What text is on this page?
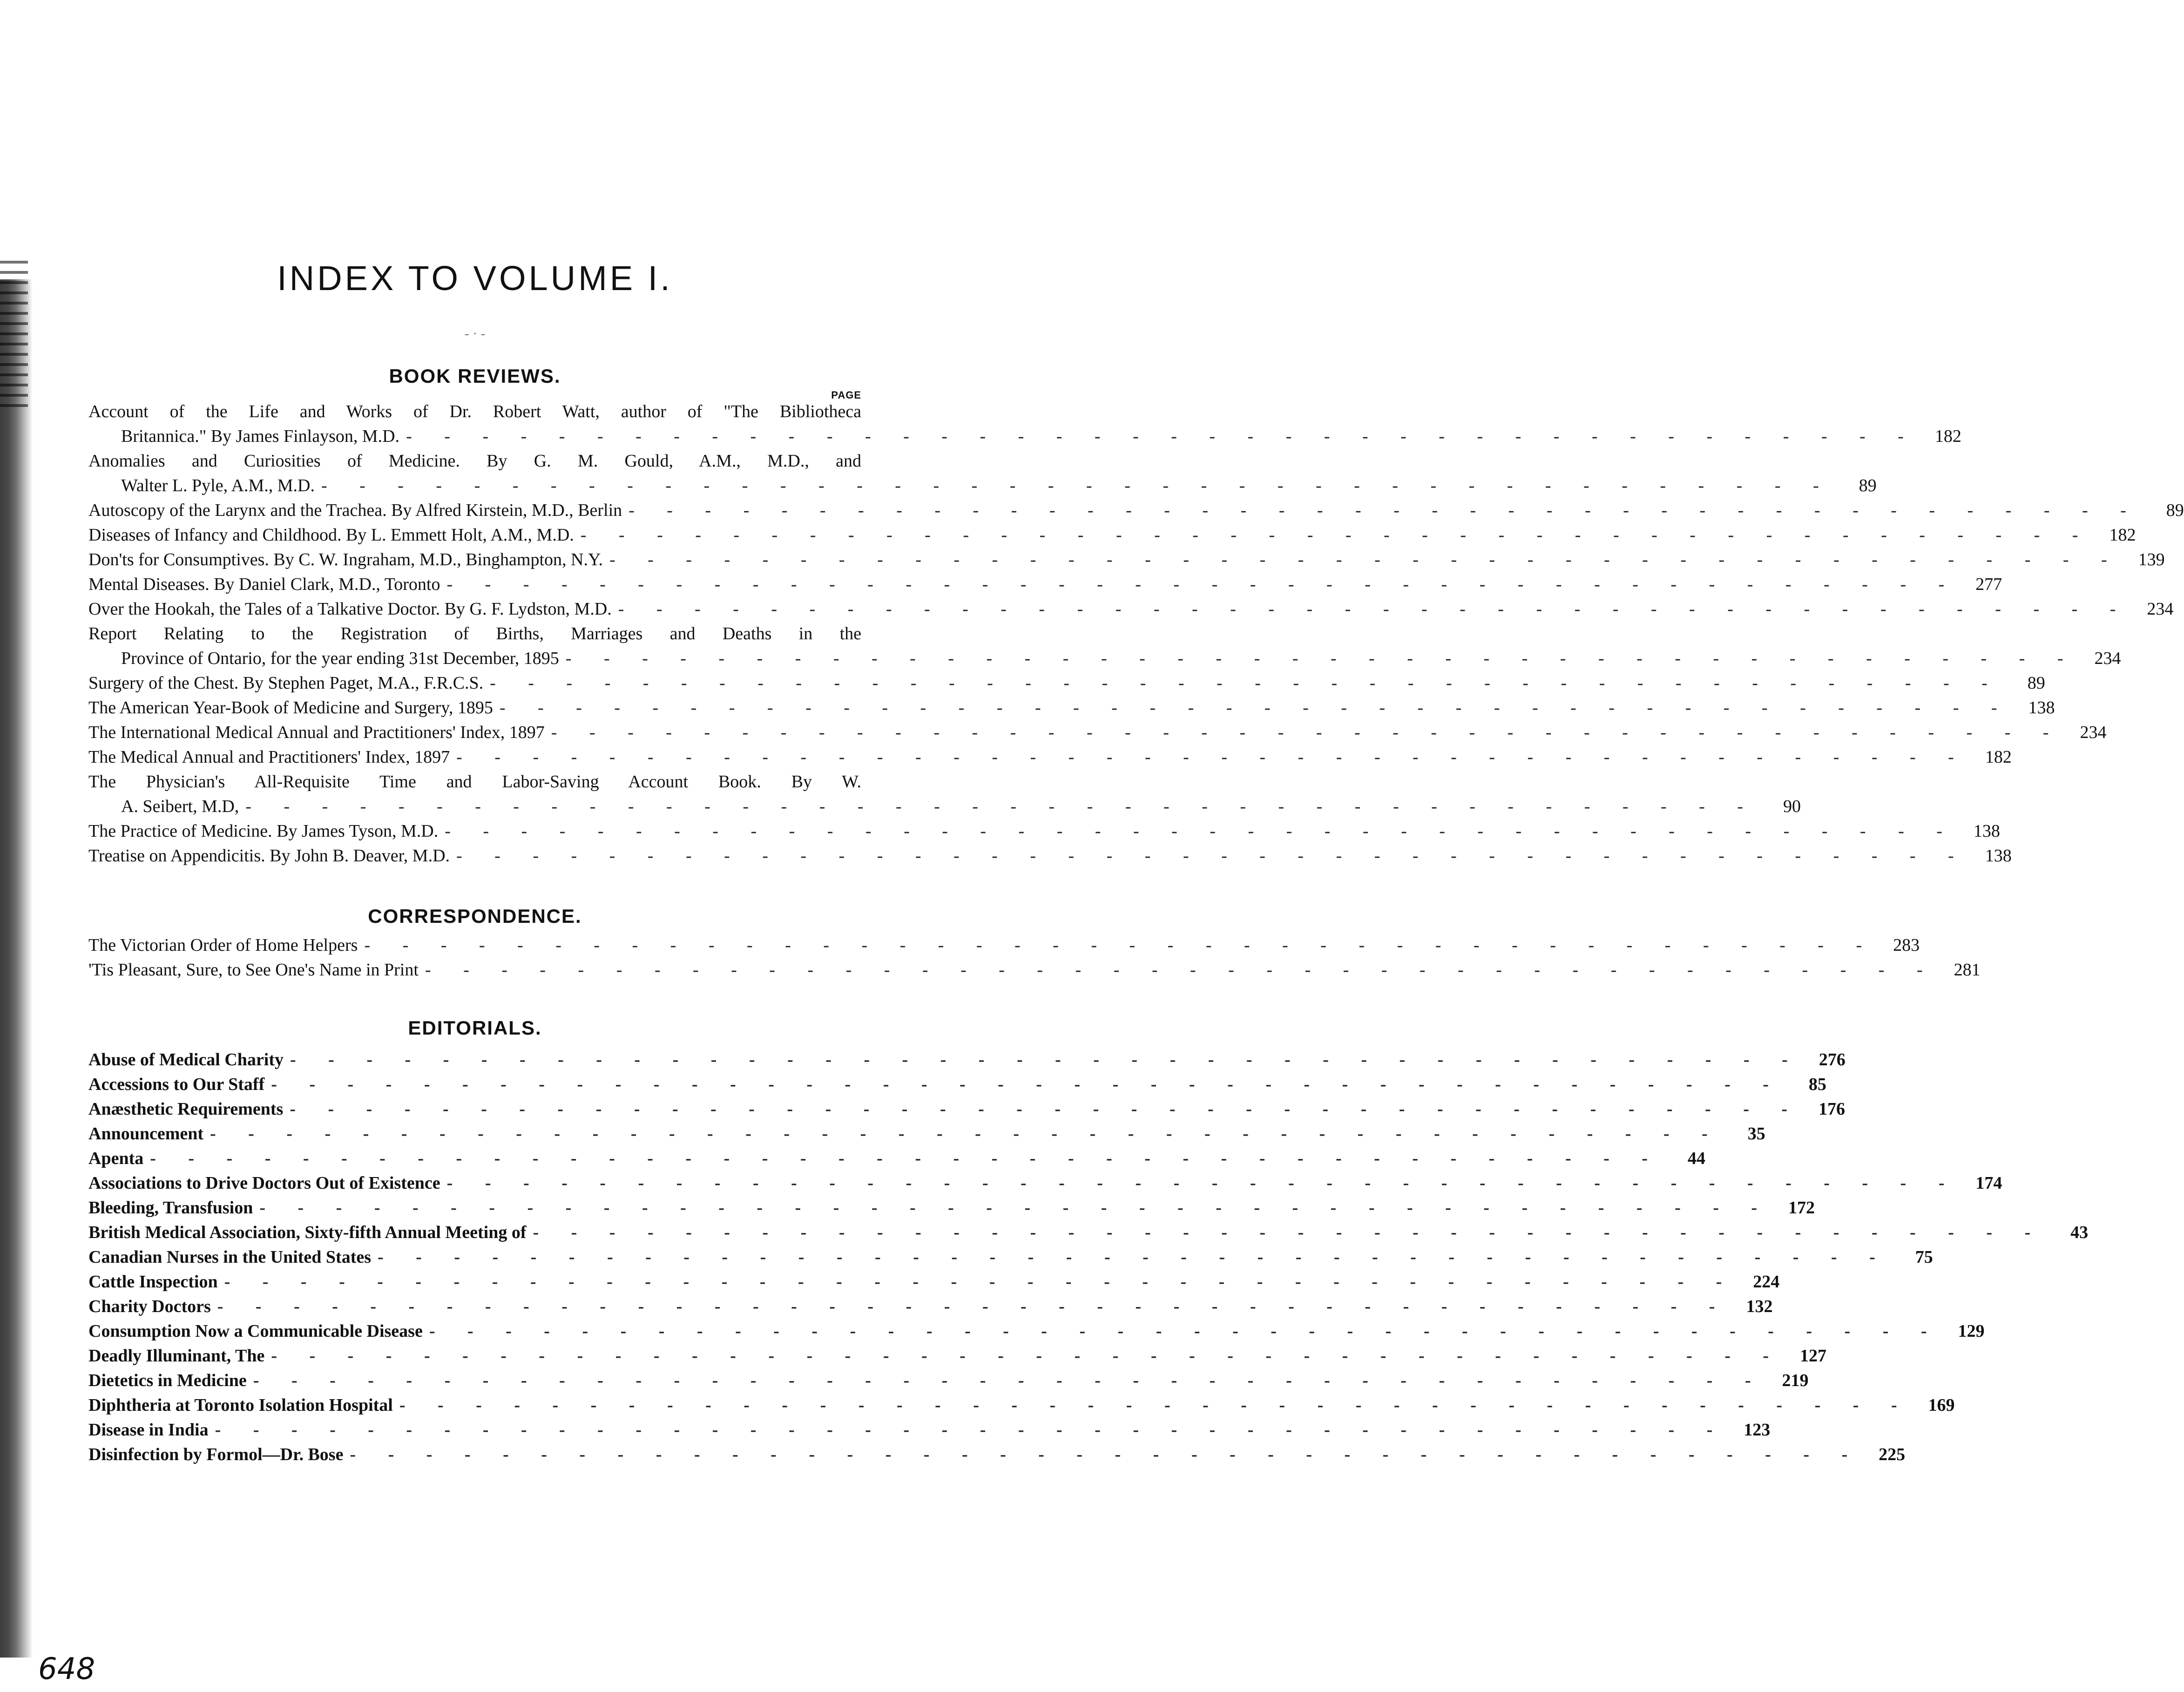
INDEX TO VOLUME I.
- · -
BOOK REVIEWS.
PAGE
Account of the Life and Works of Dr. Robert Watt, author of "The Bibliotheca
Britannica." By James Finlayson, M.D. - - - - - - - - - - - - - - - - - - - - - - - - - - - - - - - - - - - - - - - - 182
Anomalies and Curiosities of Medicine. By G. M. Gould, A.M., M.D., and
Walter L. Pyle, A.M., M.D. - - - - - - - - - - - - - - - - - - - - - - - - - - - - - - - - - - - - - - - -	89
Autoscopy of the Larynx and the Trachea. By Alfred Kirstein, M.D., Berlin - - - - - - - - - - - - - - - - - - - - - - - - - - - - - - - - - - - - - - - -	89
Diseases of Infancy and Childhood. By L. Emmett Holt, A.M., M.D. - - - - - - - - - - - - - - - - - - - - - - - - - - - - - - - - - - - - - - - - 182
Don'ts for Consumptives. By C. W. Ingraham, M.D., Binghampton, N.Y. - - - - - - - - - - - - - - - - - - - - - - - - - - - - - - - - - - - - - - - - 139
Mental Diseases. By Daniel Clark, M.D., Toronto - - - - - - - - - - - - - - - - - - - - - - - - - - - - - - - - - - - - - - - - 277
Over the Hookah, the Tales of a Talkative Doctor. By G. F. Lydston, M.D. - - - - - - - - - - - - - - - - - - - - - - - - - - - - - - - - - - - - - - - - 234
Report Relating to the Registration of Births, Marriages and Deaths in the
Province of Ontario, for the year ending 31st December, 1895 - - - - - - - - - - - - - - - - - - - - - - - - - - - - - - - - - - - - - - - - 234
Surgery of the Chest. By Stephen Paget, M.A., F.R.C.S. - - - - - - - - - - - - - - - - - - - - - - - - - - - - - - - - - - - - - - - -	89
The American Year-Book of Medicine and Surgery, 1895 - - - - - - - - - - - - - - - - - - - - - - - - - - - - - - - - - - - - - - - - 138
The International Medical Annual and Practitioners' Index, 1897 - - - - - - - - - - - - - - - - - - - - - - - - - - - - - - - - - - - - - - - - 234
The Medical Annual and Practitioners' Index, 1897 - - - - - - - - - - - - - - - - - - - - - - - - - - - - - - - - - - - - - - - - 182
The Physician's All-Requisite Time and Labor-Saving Account Book. By W.
A. Seibert, M.D, - - - - - - - - - - - - - - - - - - - - - - - - - - - - - - - - - - - - - - - -	90
The Practice of Medicine. By James Tyson, M.D. - - - - - - - - - - - - - - - - - - - - - - - - - - - - - - - - - - - - - - - - 138
Treatise on Appendicitis. By John B. Deaver, M.D. - - - - - - - - - - - - - - - - - - - - - - - - - - - - - - - - - - - - - - - - 138
CORRESPONDENCE.
The Victorian Order of Home Helpers - - - - - - - - - - - - - - - - - - - - - - - - - - - - - - - - - - - - - - - - 283
'Tis Pleasant, Sure, to See One's Name in Print - - - - - - - - - - - - - - - - - - - - - - - - - - - - - - - - - - - - - - - - 281
EDITORIALS.
Abuse of Medical Charity - - - - - - - - - - - - - - - - - - - - - - - - - - - - - - - - - - - - - - - - 276
Accessions to Our Staff - - - - - - - - - - - - - - - - - - - - - - - - - - - - - - - - - - - - - - - -	85
Anæsthetic Requirements - - - - - - - - - - - - - - - - - - - - - - - - - - - - - - - - - - - - - - - - 176
Announcement - - - - - - - - - - - - - - - - - - - - - - - - - - - - - - - - - - - - - - - -	35
Apenta - - - - - - - - - - - - - - - - - - - - - - - - - - - - - - - - - - - - - - - -	44
Associations to Drive Doctors Out of Existence - - - - - - - - - - - - - - - - - - - - - - - - - - - - - - - - - - - - - - - - 174
Bleeding, Transfusion - - - - - - - - - - - - - - - - - - - - - - - - - - - - - - - - - - - - - - - - 172
British Medical Association, Sixty-fifth Annual Meeting of - - - - - - - - - - - - - - - - - - - - - - - - - - - - - - - - - - - - - - - -	43
Canadian Nurses in the United States - - - - - - - - - - - - - - - - - - - - - - - - - - - - - - - - - - - - - - - -	75
Cattle Inspection - - - - - - - - - - - - - - - - - - - - - - - - - - - - - - - - - - - - - - - - 224
Charity Doctors - - - - - - - - - - - - - - - - - - - - - - - - - - - - - - - - - - - - - - - - 132
Consumption Now a Communicable Disease - - - - - - - - - - - - - - - - - - - - - - - - - - - - - - - - - - - - - - - - 129
Deadly Illuminant, The - - - - - - - - - - - - - - - - - - - - - - - - - - - - - - - - - - - - - - - - 127
Dietetics in Medicine - - - - - - - - - - - - - - - - - - - - - - - - - - - - - - - - - - - - - - - - 219
Diphtheria at Toronto Isolation Hospital - - - - - - - - - - - - - - - - - - - - - - - - - - - - - - - - - - - - - - - - 169
Disease in India - - - - - - - - - - - - - - - - - - - - - - - - - - - - - - - - - - - - - - - - 123
Disinfection by Formol—Dr. Bose - - - - - - - - - - - - - - - - - - - - - - - - - - - - - - - - - - - - - - - - 225
648
